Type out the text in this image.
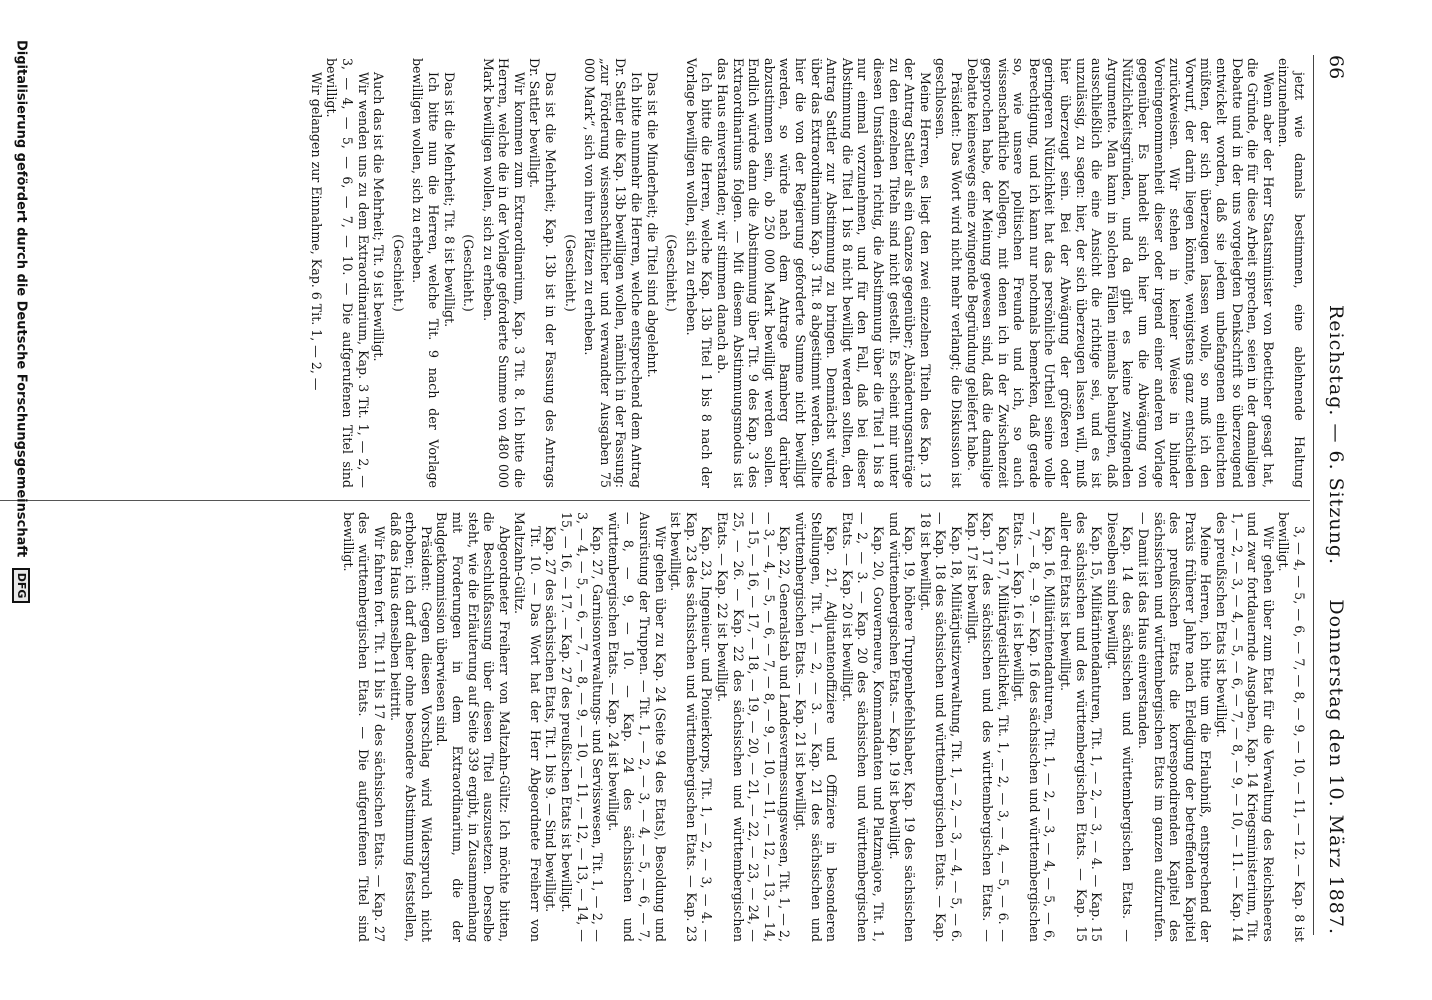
66
Reichstag. — 6. Sitzung.
Donnerstag den 10. März 1887.

jetzt wie damals bestimmen, eine ablehnende Haltung einzunehmen.

Wenn aber der Herr Staatsminister von Boetticher gesagt hat, die Gründe, die für diese Arbeit sprechen, seien in der damaligen Debatte und in der uns vorgelegten Denkschrift so überzeugend entwickelt worden, daß sie jedem unbefangenen einleuchten müßten, der sich überzeugen lassen wolle, so muß ich den Vorwurf, der darin liegen könnte, wenigstens ganz entschieden zurückweisen. Wir stehen in keiner Weise in blinder Voreingenommenheit dieser oder irgend einer anderen Vorlage gegenüber. Es handelt sich hier um die Abwägung von Nützlichkeitsgründen, und da gibt es keine zwingenden Argumente. Man kann in solchen Fällen niemals behaupten, daß ausschließlich die eine Ansicht die richtige sei, und es ist unzulässig, zu sagen: hier, der sich überzeugen lassen will, muß hier überzeugt sein. Bei der Abwägung der größeren oder geringeren Nützlichkeit hat das persönliche Urtheil seine volle Berechtigung, und ich kann nur nochmals bemerken, daß gerade so, wie unsere politischen Freunde und ich, so auch wissenschaftliche Kollegen, mit denen ich in der Zwischenzeit gesprochen habe, der Meinung gewesen sind, daß die damalige Debatte keineswegs eine zwingende Begründung geliefert habe.

Präsident: Das Wort wird nicht mehr verlangt; die Diskussion ist geschlossen.

Meine Herren, es liegt den zwei einzelnen Titeln des Kap. 13 der Antrag Sattler als ein Ganzes gegenüber; Abänderungsanträge zu den einzelnen Titeln sind nicht gestellt. Es scheint mir unter diesen Umständen richtig, die Abstimmung über die Titel 1 bis 8 nur einmal vorzunehmen, und für den Fall, daß bei dieser Abstimmung die Titel 1 bis 8 nicht bewilligt werden sollten, den Antrag Sattler zur Abstimmung zu bringen. Demnächst würde über das Extraordinarium Kap. 3 Tit. 8 abgestimmt werden. Sollte hier die von der Regierung geforderte Summe nicht bewilligt werden, so würde nach dem Antrage Bamberg darüber abzustimmen sein, ob 250 000 Mark bewilligt werden sollen. Endlich würde dann die Abstimmung über Tit. 9 des Kap. 3 des Extraordinariums folgen. — Mit diesem Abstimmungsmodus ist das Haus einverstanden; wir stimmen danach ab.

Ich bitte die Herren, welche Kap. 13b Titel 1 bis 8 nach der Vorlage bewilligen wollen, sich zu erheben.

(Geschieht.)

Das ist die Minderheit; die Titel sind abgelehnt.

Ich bitte nunmehr die Herren, welche entsprechend dem Antrag Dr. Sattler die Kap. 13b bewilligen wollen, nämlich in der Fassung: „zur Förderung wissenschaftlicher und verwandter Ausgaben 75 000 Mark“, sich von ihren Plätzen zu erheben.

(Geschieht.)

Das ist die Mehrheit; Kap. 13b ist in der Fassung des Antrags Dr. Sattler bewilligt.

Wir kommen zum Extraordinarium, Kap. 3 Tit. 8. Ich bitte die Herren, welche die in der Vorlage geforderte Summe von 480 000 Mark bewilligen wollen, sich zu erheben.

(Geschieht.)

Das ist die Mehrheit; Tit. 8 ist bewilligt.

Ich bitte nun die Herren, welche Tit. 9 nach der Vorlage bewilligen wollen, sich zu erheben.

(Geschieht.)

Auch das ist die Mehrheit; Tit. 9 ist bewilligt.

Wir wenden uns zu dem Extraordinarium, Kap. 3 Tit. 1, — 2, — 3, — 4, — 5, — 6, — 7, — 10. — Die aufgerufenen Titel sind bewilligt.

Wir gelangen zur Einnahme, Kap. 6 Tit. 1, — 2, —

3, — 4, — 5, — 6, — 7, — 8, — 9, — 10, — 11, — 12. — Kap. 8 ist bewilligt.

Wir gehen über zum Etat für die Verwaltung des Reichsheeres und zwar fortdauernde Ausgaben, Kap. 14 Kriegsministerium, Tit. 1, — 2, — 3, — 4, — 5, — 6, — 7, — 8, — 9, — 10, — 11. — Kap. 14 des preußischen Etats ist bewilligt.

Meine Herren, ich bitte um die Erlaubniß, entsprechend der Praxis früherer Jahre nach Erledigung der betreffenden Kapitel des preußischen Etats die korrespondirenden Kapitel des sächsischen und württembergischen Etats im ganzen aufzurufen. — Damit ist das Haus einverstanden.

Kap. 14 des sächsischen und württembergischen Etats. — Dieselben sind bewilligt.

Kap. 15, Militärintendanturen, Tit. 1, — 2, — 3, — 4. — Kap. 15 des sächsischen und des württembergischen Etats. — Kap. 15 aller drei Etats ist bewilligt.

Kap. 16, Militärintendanturen, Tit. 1, — 2, — 3, — 4, — 5, — 6, — 7, — 8, — 9. — Kap. 16 des sächsischen und württembergischen Etats. — Kap. 16 ist bewilligt.

Kap. 17, Militärgeistlichkeit, Tit. 1, — 2, — 3, — 4, — 5, — 6. — Kap. 17 des sächsischen und des württembergischen Etats. — Kap. 17 ist bewilligt.

Kap. 18, Militärjustizverwaltung, Tit. 1, — 2, — 3, — 4, — 5, — 6. — Kap. 18 des sächsischen und württembergischen Etats. — Kap. 18 ist bewilligt.

Kap. 19, höhere Truppenbefehlshaber, Kap. 19 des sächsischen und württembergischen Etats. — Kap. 19 ist bewilligt.

Kap. 20, Gouverneure, Kommandanten und Platzmajore, Tit. 1, — 2, — 3. — Kap. 20 des sächsischen und württembergischen Etats. — Kap. 20 ist bewilligt.

Kap. 21, Adjutantenoffiziere und Offiziere in besonderen Stellungen, Tit. 1, — 2, — 3. — Kap. 21 des sächsischen und württembergischen Etats. — Kap. 21 ist bewilligt.

Kap. 22, Generalstab und Landesvermessungswesen, Tit. 1, — 2, — 3, — 4, — 5, — 6, — 7, — 8, — 9, — 10, — 11, — 12, — 13, — 14, — 15, — 16, — 17, — 18, — 19, — 20, — 21, — 22, — 23, — 24, — 25, — 26. — Kap. 22 des sächsischen und württembergischen Etats. — Kap. 22 ist bewilligt.

Kap. 23, Ingenieur- und Pionierkorps, Tit. 1, — 2, — 3, — 4. — Kap. 23 des sächsischen und württembergischen Etats. — Kap. 23 ist bewilligt.

Wir gehen über zu Kap. 24 (Seite 94 des Etats), Besoldung und Ausrüstung der Truppen. — Tit. 1, — 2, — 3, — 4, — 5, — 6, — 7, — 8, — 9, — 10. — Kap. 24 des sächsischen und württembergischen Etats. — Kap. 24 ist bewilligt.

Kap. 27, Garnisonverwaltungs- und Servisswesen, Tit. 1, — 2, — 3, — 4, — 5, — 6, — 7, — 8, — 9, — 10, — 11, — 12, — 13, — 14, — 15, — 16, — 17. — Kap. 27 des preußischen Etats ist bewilligt.

Kap. 27 des sächsischen Etats, Tit. 1 bis 9. — Sind bewilligt.

Tit. 10. — Das Wort hat der Herr Abgeordnete Freiherr von Maltzahn-Gültz.

Abgeordneter Freiherr von Maltzahn-Gültz: Ich möchte bitten, die Beschlußfassung über diesen Titel auszusetzen. Derselbe steht, wie die Erläuterung auf Seite 339 ergibt, in Zusammenhang mit Forderungen in dem Extraordinarium, die der Budgetkommission überwiesen sind.

Präsident: Gegen diesen Vorschlag wird Widerspruch nicht erhoben; ich darf daher ohne besondere Abstimmung feststellen, daß das Haus denselben beitritt.

Wir fahren fort. Tit. 11 bis 17 des sächsischen Etats. — Kap. 27 des württembergischen Etats. — Die aufgerufenen Titel sind bewilligt.

Digitalisierung gefördert durch die Deutsche Forschungsgemeinschaft DFG
